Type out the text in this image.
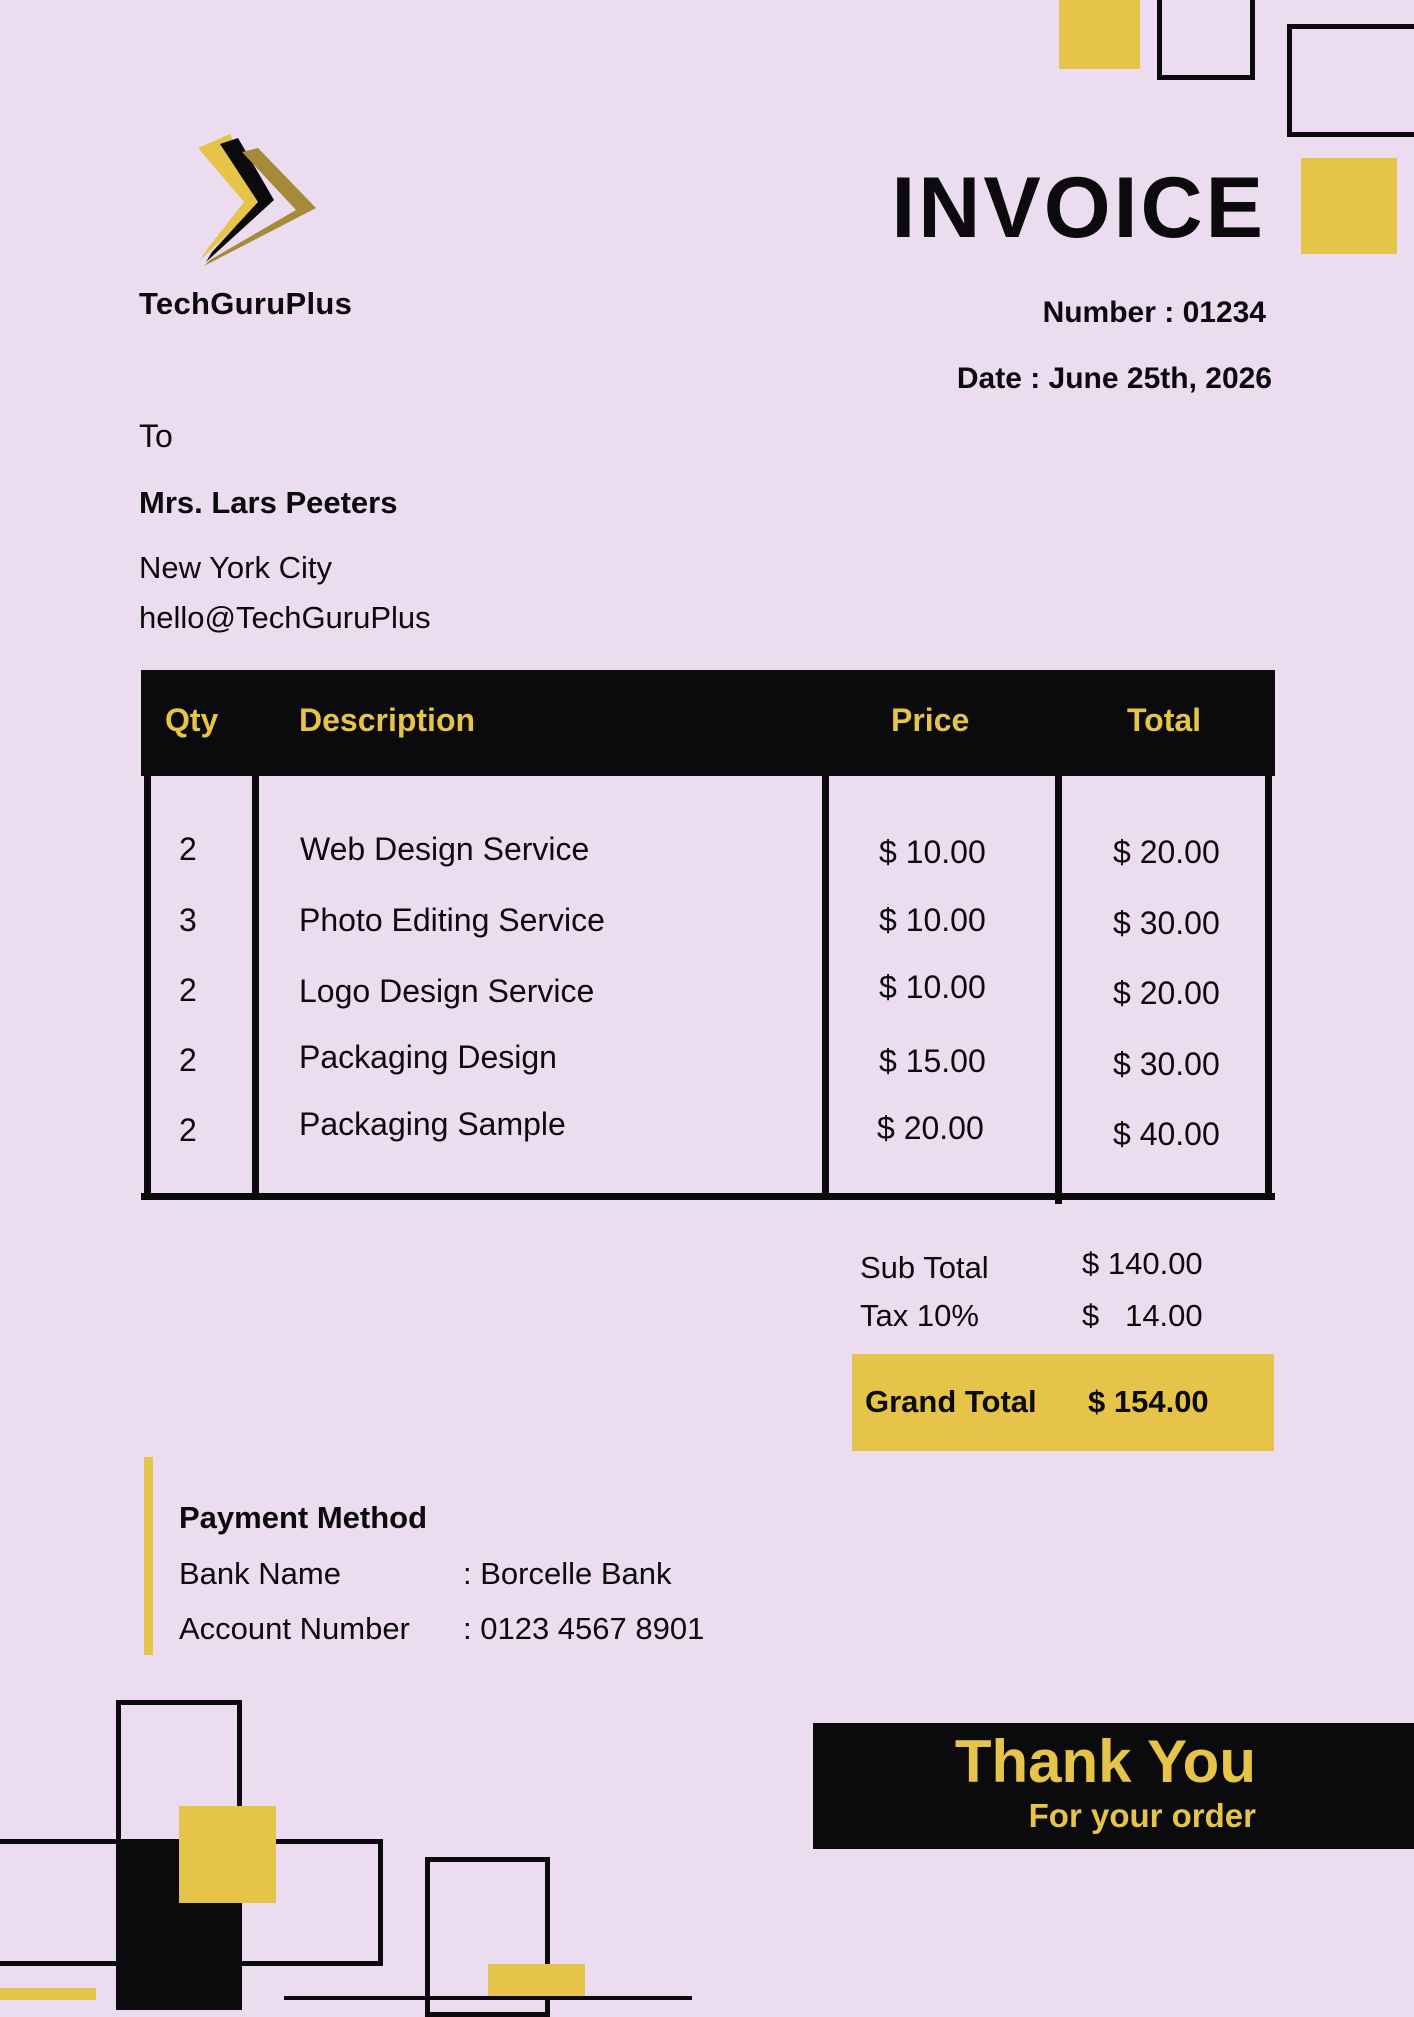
TechGuruPlus
INVOICE
Number : 01234
Date : June 25th, 2026
To
Mrs. Lars Peeters
New York City
hello@TechGuruPlus
Qty	Description	Price	Total
2	Web Design Service	$ 10.00	$ 20.00
3	Photo Editing Service	$ 10.00	$ 30.00
2	Logo Design Service	$ 10.00	$ 20.00
2	Packaging Design	$ 15.00	$ 30.00
2	Packaging Sample	$ 20.00	$ 40.00
Sub Total	$ 140.00
Tax 10%	$   14.00
Grand Total $ 154.00
Payment Method
Bank Name	: Borcelle Bank
Account Number : 0123 4567 8901
Thank You
For your order
